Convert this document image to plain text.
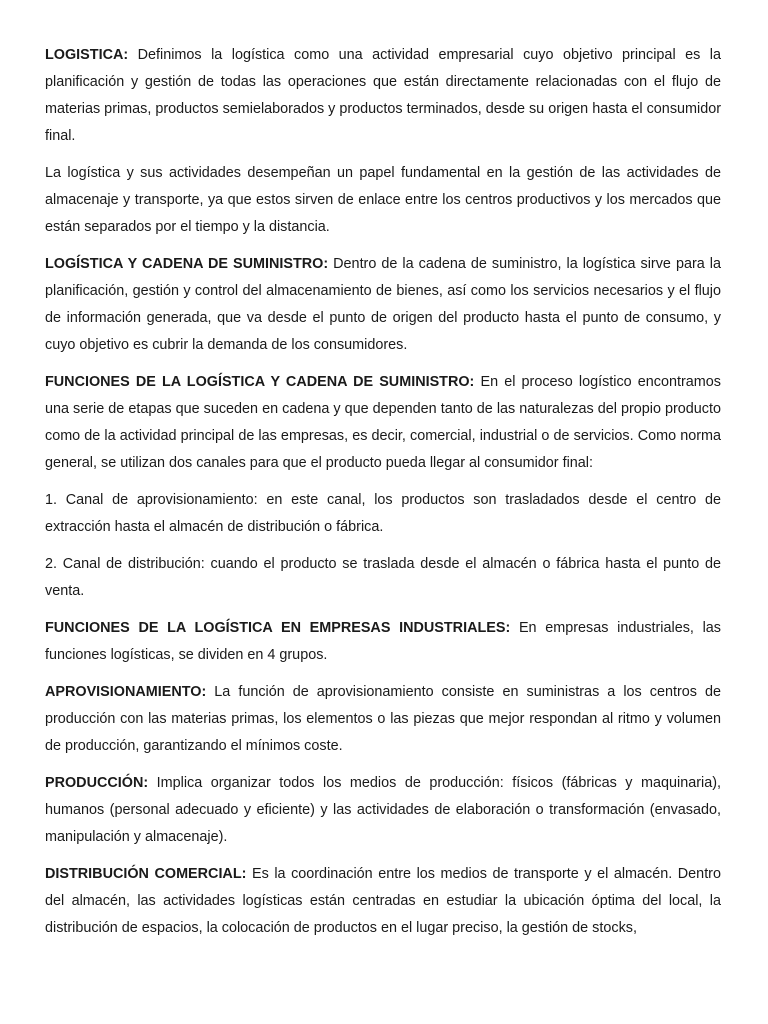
LOGISTICA: Definimos la logística como una actividad empresarial cuyo objetivo principal es la planificación y gestión de todas las operaciones que están directamente relacionadas con el flujo de materias primas, productos semielaborados y productos terminados, desde su origen hasta el consumidor final.

La logística y sus actividades desempeñan un papel fundamental en la gestión de las actividades de almacenaje y transporte, ya que estos sirven de enlace entre los centros productivos y los mercados que están separados por el tiempo y la distancia.

LOGÍSTICA Y CADENA DE SUMINISTRO: Dentro de la cadena de suministro, la logística sirve para la planificación, gestión y control del almacenamiento de bienes, así como los servicios necesarios y el flujo de información generada, que va desde el punto de origen del producto hasta el punto de consumo, y cuyo objetivo es cubrir la demanda de los consumidores.

FUNCIONES DE LA LOGÍSTICA Y CADENA DE SUMINISTRO: En el proceso logístico encontramos una serie de etapas que suceden en cadena y que dependen tanto de las naturalezas del propio producto como de la actividad principal de las empresas, es decir, comercial, industrial o de servicios. Como norma general, se utilizan dos canales para que el producto pueda llegar al consumidor final:

1. Canal de aprovisionamiento: en este canal, los productos son trasladados desde el centro de extracción hasta el almacén de distribución o fábrica.

2. Canal de distribución: cuando el producto se traslada desde el almacén o fábrica hasta el punto de venta.

FUNCIONES DE LA LOGÍSTICA EN EMPRESAS INDUSTRIALES: En empresas industriales, las funciones logísticas, se dividen en 4 grupos.

APROVISIONAMIENTO: La función de aprovisionamiento consiste en suministras a los centros de producción con las materias primas, los elementos o las piezas que mejor respondan al ritmo y volumen de producción, garantizando el mínimos coste.

PRODUCCIÓN: Implica organizar todos los medios de producción: físicos (fábricas y maquinaria), humanos (personal adecuado y eficiente) y las actividades de elaboración o transformación (envasado, manipulación y almacenaje).

DISTRIBUCIÓN COMERCIAL: Es la coordinación entre los medios de transporte y el almacén. Dentro del almacén, las actividades logísticas están centradas en estudiar la ubicación óptima del local, la distribución de espacios, la colocación de productos en el lugar preciso, la gestión de stocks,
